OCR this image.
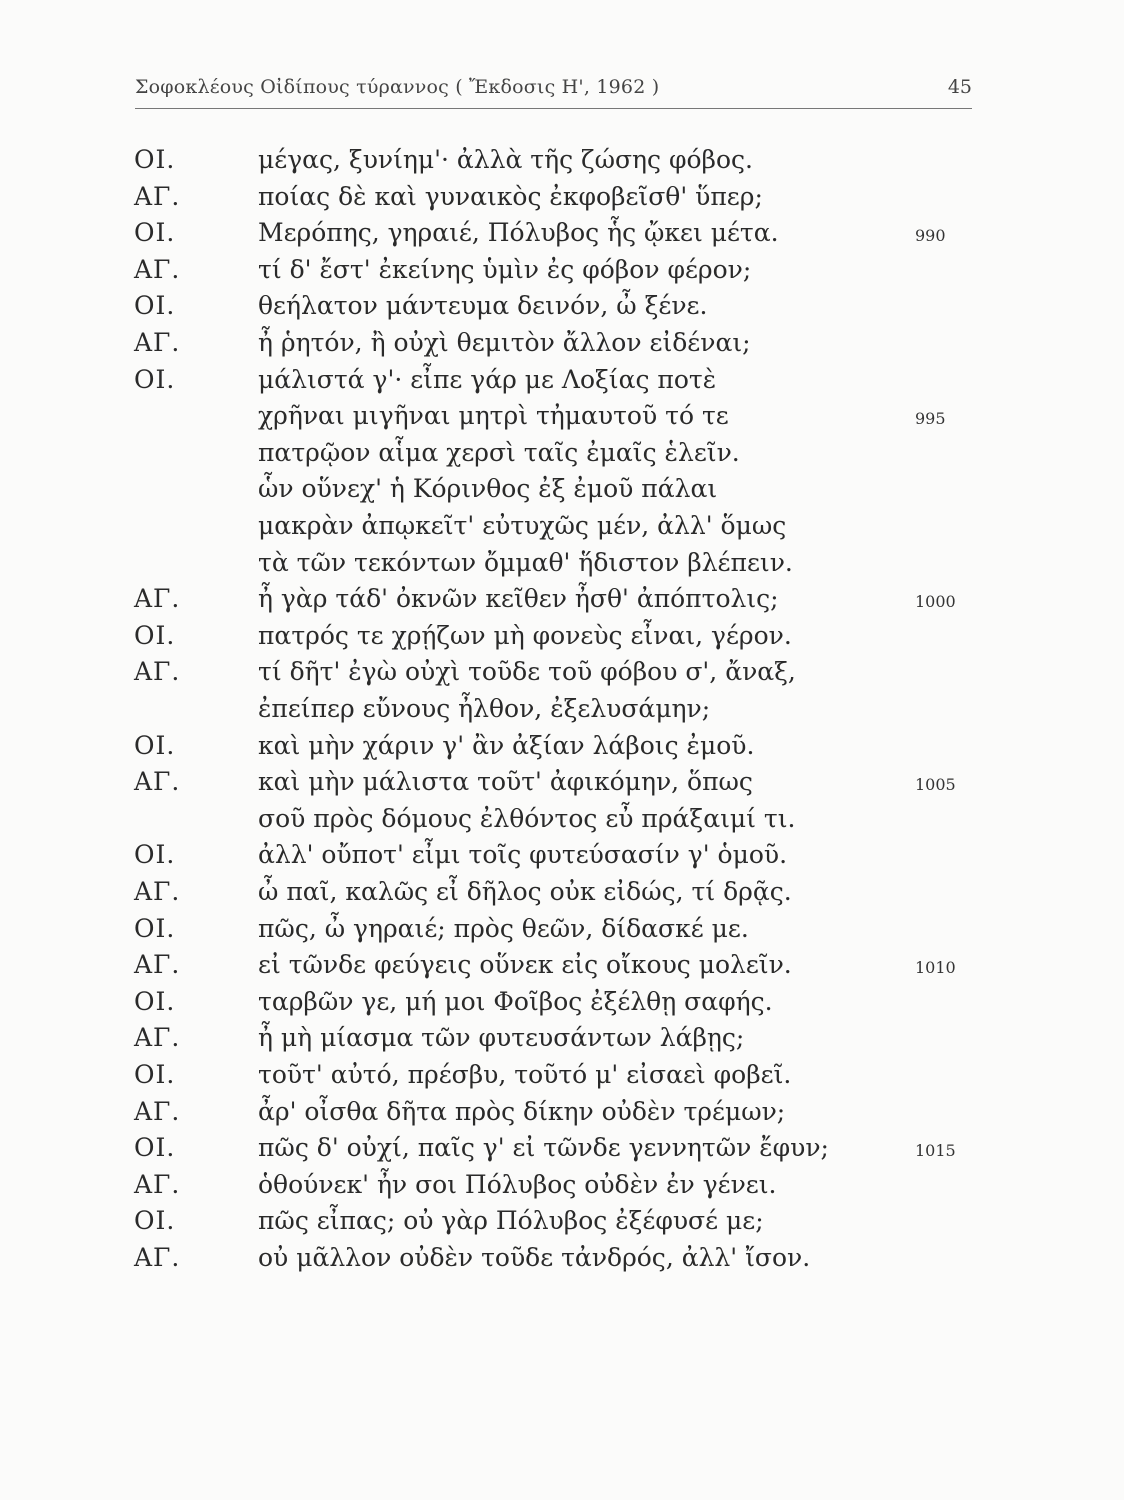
Σοφοκλέους Οἰδίπους τύραννος ( Ἔκδοσις Η', 1962 )	45
ΟΙ.	μέγας, ξυνίημ'· ἀλλὰ τῆς ζώσης φόβος.
ΑΓ.	ποίας δὲ καὶ γυναικὸς ἐκφοβεῖσθ' ὕπερ;
ΟΙ.	Μερόπης, γηραιέ, Πόλυβος ἧς ᾤκει μέτα.	990
ΑΓ.	τί δ' ἔστ' ἐκείνης ὑμὶν ἐς φόβον φέρον;
ΟΙ.	θεήλατον μάντευμα δεινόν, ὦ ξένε.
ΑΓ.	ἦ ῥητόν, ἢ οὐχὶ θεμιτὸν ἄλλον εἰδέναι;
ΟΙ.	μάλιστά γ'· εἶπε γάρ με Λοξίας ποτὲ
χρῆναι μιγῆναι μητρὶ τἠμαυτοῦ τό τε	995
πατρῷον αἷμα χερσὶ ταῖς ἐμαῖς ἑλεῖν.
ὧν οὕνεχ' ἡ Κόρινθος ἐξ ἐμοῦ πάλαι
μακρὰν ἀπῳκεῖτ' εὐτυχῶς μέν, ἀλλ' ὅμως
τὰ τῶν τεκόντων ὄμμαθ' ἥδιστον βλέπειν.
ΑΓ.	ἦ γὰρ τάδ' ὀκνῶν κεῖθεν ἦσθ' ἀπόπτολις;	1000
ΟΙ.	πατρός τε χρῄζων μὴ φονεὺς εἶναι, γέρον.
ΑΓ.	τί δῆτ' ἐγὼ οὐχὶ τοῦδε τοῦ φόβου σ', ἄναξ,
ἐπείπερ εὔνους ἦλθον, ἐξελυσάμην;
ΟΙ.	καὶ μὴν χάριν γ' ἂν ἀξίαν λάβοις ἐμοῦ.
ΑΓ.	καὶ μὴν μάλιστα τοῦτ' ἀφικόμην, ὅπως	1005
σοῦ πρὸς δόμους ἐλθόντος εὖ πράξαιμί τι.
ΟΙ.	ἀλλ' οὔποτ' εἶμι τοῖς φυτεύσασίν γ' ὁμοῦ.
ΑΓ.	ὦ παῖ, καλῶς εἶ δῆλος οὐκ εἰδώς, τί δρᾷς.
ΟΙ.	πῶς, ὦ γηραιέ; πρὸς θεῶν, δίδασκέ με.
ΑΓ.	εἰ τῶνδε φεύγεις οὕνεκ εἰς οἴκους μολεῖν.	1010
ΟΙ.	ταρβῶν γε, μή μοι Φοῖβος ἐξέλθῃ σαφής.
ΑΓ.	ἦ μὴ μίασμα τῶν φυτευσάντων λάβῃς;
ΟΙ.	τοῦτ' αὐτό, πρέσβυ, τοῦτό μ' εἰσαεὶ φοβεῖ.
ΑΓ.	ἆρ' οἶσθα δῆτα πρὸς δίκην οὐδὲν τρέμων;
ΟΙ.	πῶς δ' οὐχί, παῖς γ' εἰ τῶνδε γεννητῶν ἔφυν;	1015
ΑΓ.	ὁθούνεκ' ἦν σοι Πόλυβος οὐδὲν ἐν γένει.
ΟΙ.	πῶς εἶπας; οὐ γὰρ Πόλυβος ἐξέφυσέ με;
ΑΓ.	οὐ μᾶλλον οὐδὲν τοῦδε τἀνδρός, ἀλλ' ἴσον.
